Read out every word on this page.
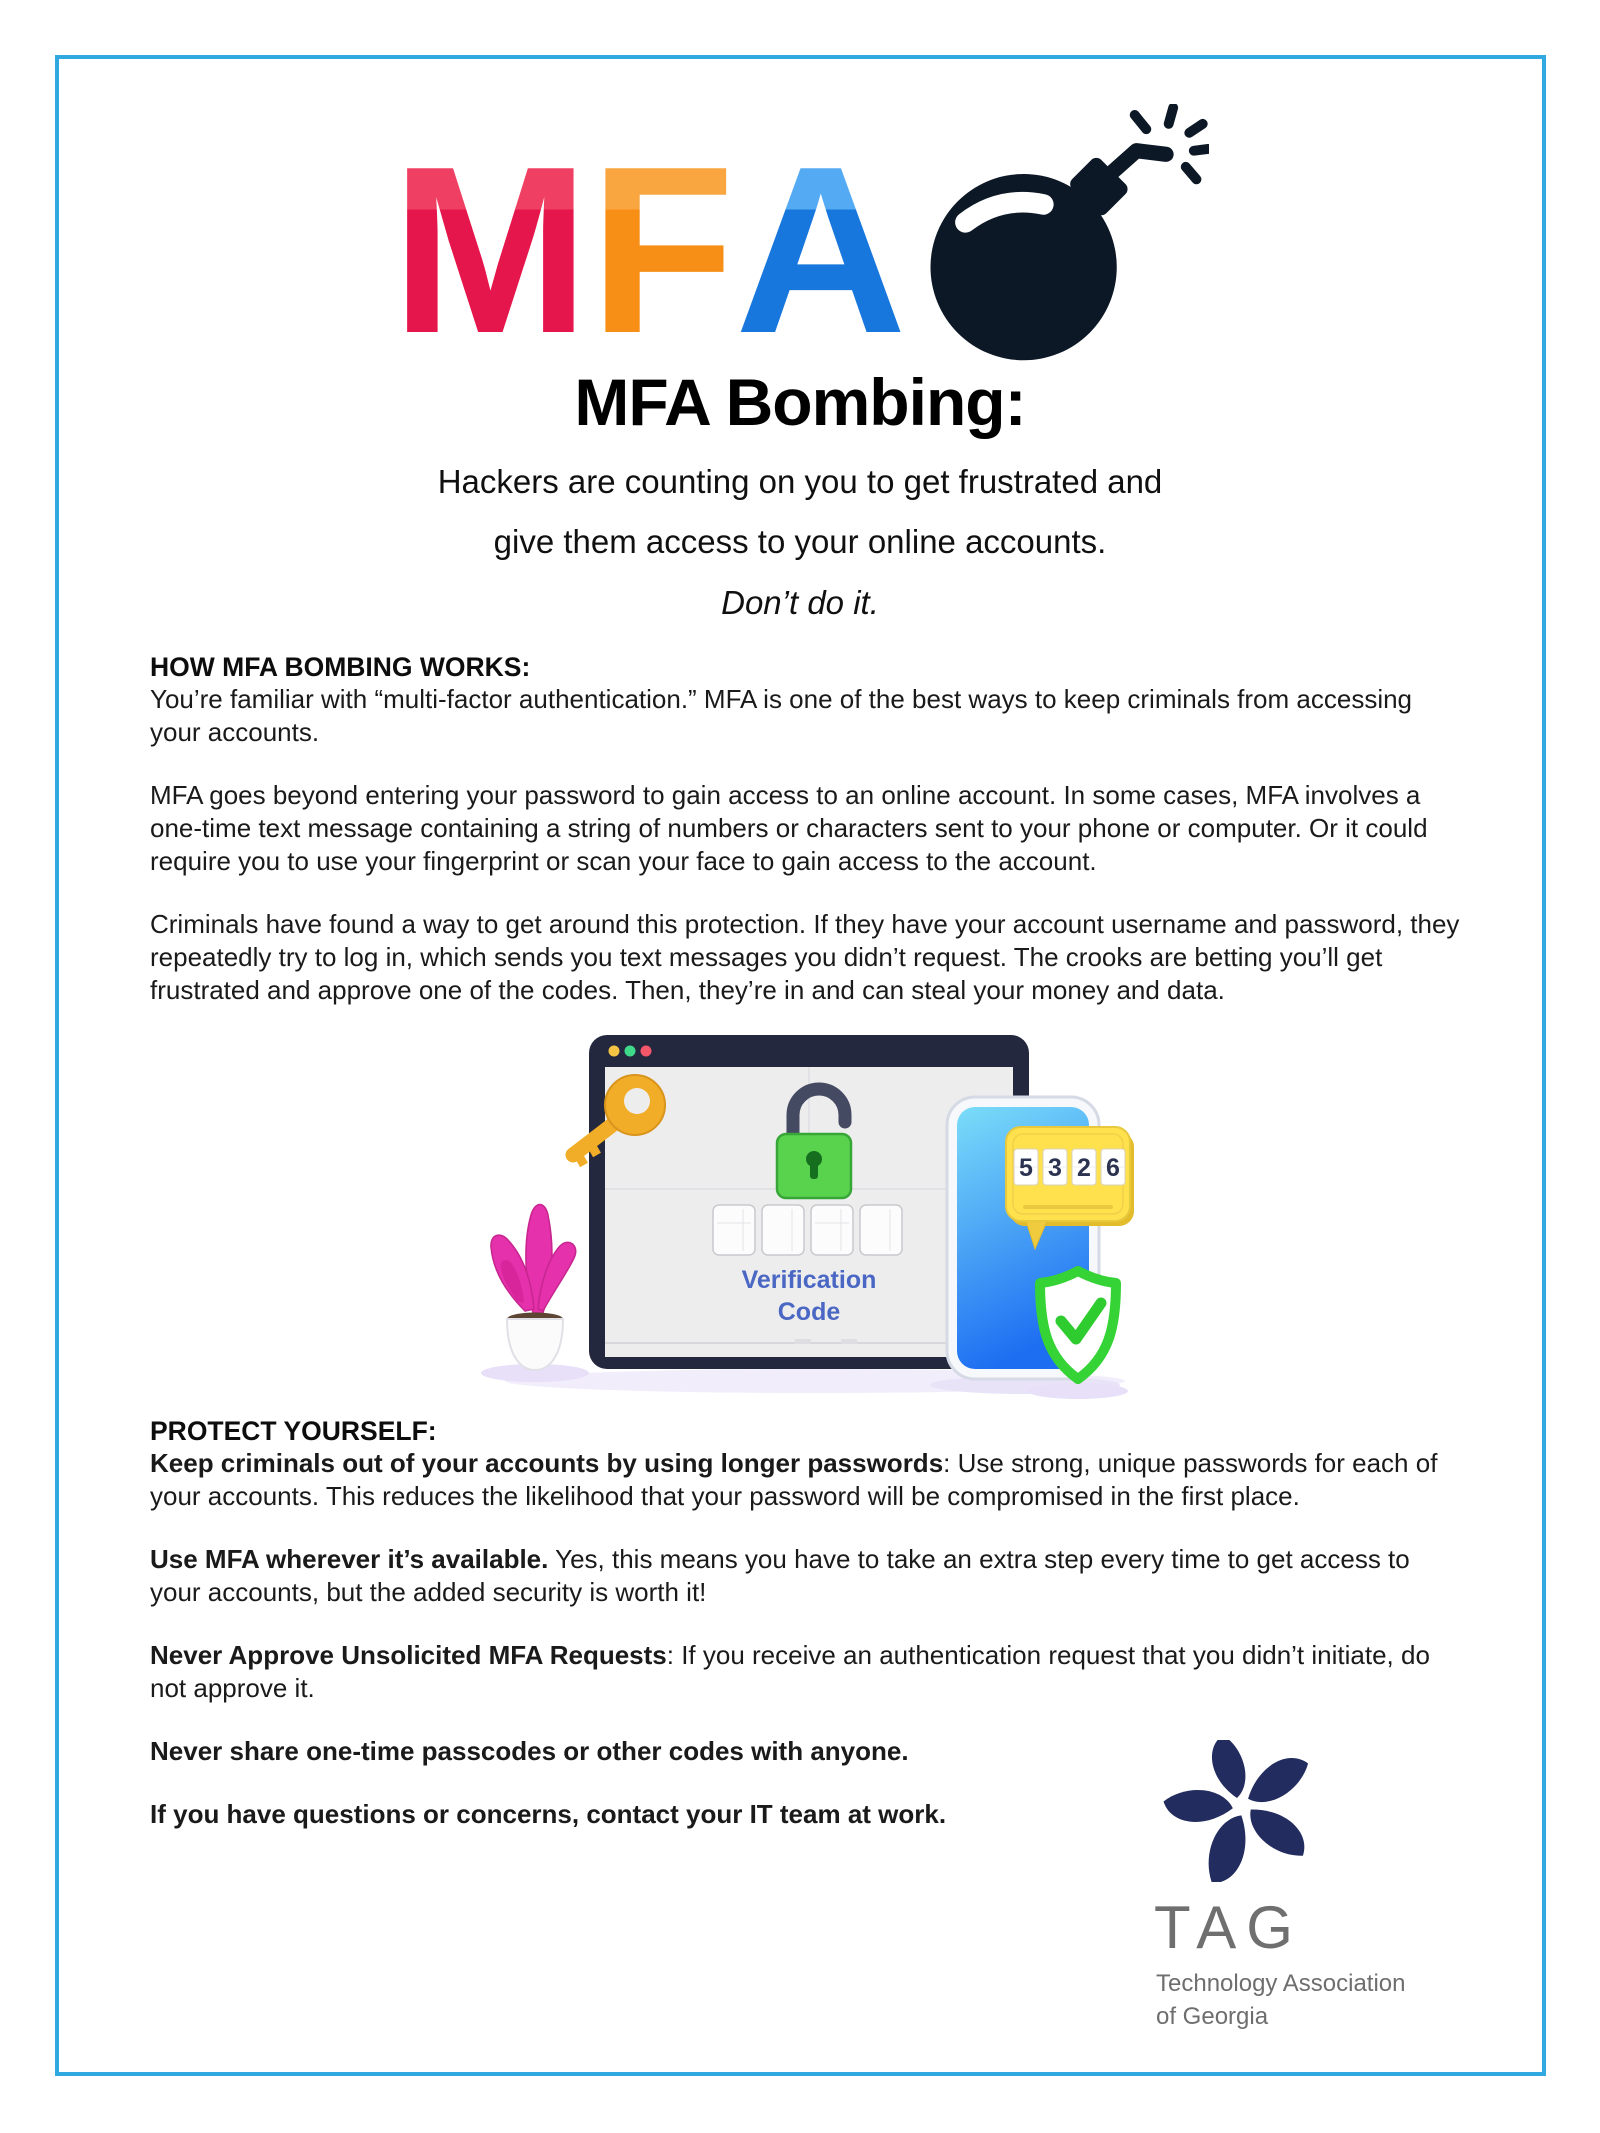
M F A
MFA Bombing:

Hackers are counting on you to get frustrated and
give them access to your online accounts.

Don’t do it.

HOW MFA BOMBING WORKS:

You’re familiar with “multi-factor authentication.” MFA is one of the best ways to keep criminals from accessing your accounts.

MFA goes beyond entering your password to gain access to an online account. In some cases, MFA involves a one-time text message containing a string of numbers or characters sent to your phone or computer. Or it could require you to use your fingerprint or scan your face to gain access to the account.

Criminals have found a way to get around this protection. If they have your account username and password, they repeatedly try to log in, which sends you text messages you didn’t request. The crooks are betting you’ll get frustrated and approve one of the codes. Then, they’re in and can steal your money and data.

Verification
Code
5 3 2 6
PROTECT YOURSELF:

Keep criminals out of your accounts by using longer passwords: Use strong, unique passwords for each of your accounts. This reduces the likelihood that your password will be compromised in the first place.

Use MFA wherever it’s available. Yes, this means you have to take an extra step every time to get access to your accounts, but the added security is worth it!

Never Approve Unsolicited MFA Requests: If you receive an authentication request that you didn’t initiate, do not approve it.

Never share one-time passcodes or other codes with anyone.

If you have questions or concerns, contact your IT team at work.

TAG
Technology Association
of Georgia
